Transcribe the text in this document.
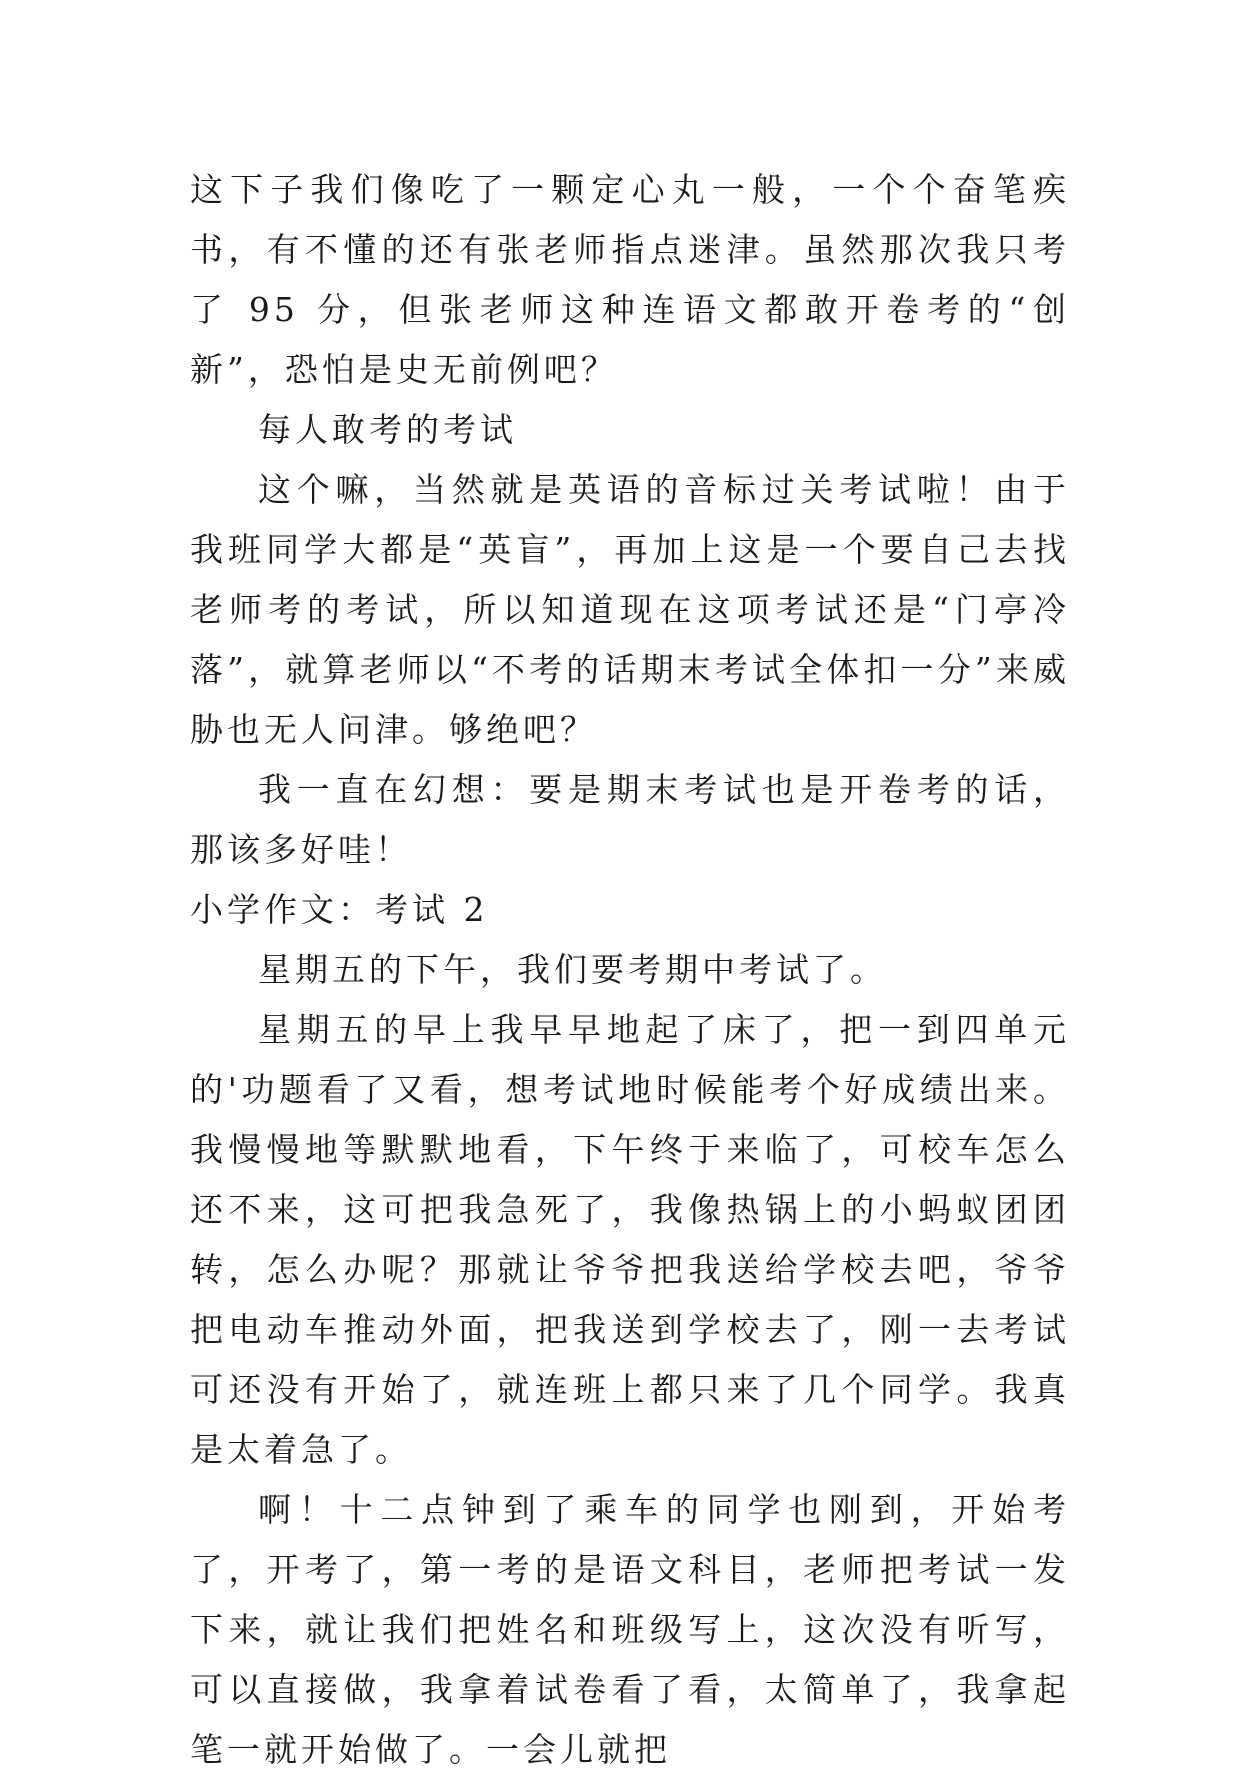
这下子我们像吃了一颗定心丸一般，一个个奋笔疾书，有不懂的还有张老师指点迷津。虽然那次我只考了 95 分，但张老师这种连语文都敢开卷考的“创新”，恐怕是史无前例吧？

每人敢考的考试

这个嘛，当然就是英语的音标过关考试啦！由于我班同学大都是“英盲”，再加上这是一个要自己去找老师考的考试，所以知道现在这项考试还是“门亭冷落”，就算老师以“不考的话期末考试全体扣一分”来威胁也无人问津。够绝吧？

我一直在幻想：要是期末考试也是开卷考的话，那该多好哇！

小学作文：考试 2

星期五的下午，我们要考期中考试了。

星期五的早上我早早地起了床了，把一到四单元的'功题看了又看，想考试地时候能考个好成绩出来。我慢慢地等默默地看，下午终于来临了，可校车怎么还不来，这可把我急死了，我像热锅上的小蚂蚁团团转，怎么办呢？那就让爷爷把我送给学校去吧，爷爷把电动车推动外面，把我送到学校去了，刚一去考试可还没有开始了，就连班上都只来了几个同学。我真是太着急了。

啊！十二点钟到了乘车的同学也刚到，开始考了，开考了，第一考的是语文科目，老师把考试一发下来，就让我们把姓名和班级写上，这次没有听写，可以直接做，我拿着试卷看了看，太简单了，我拿起笔一就开始做了。一会儿就把
